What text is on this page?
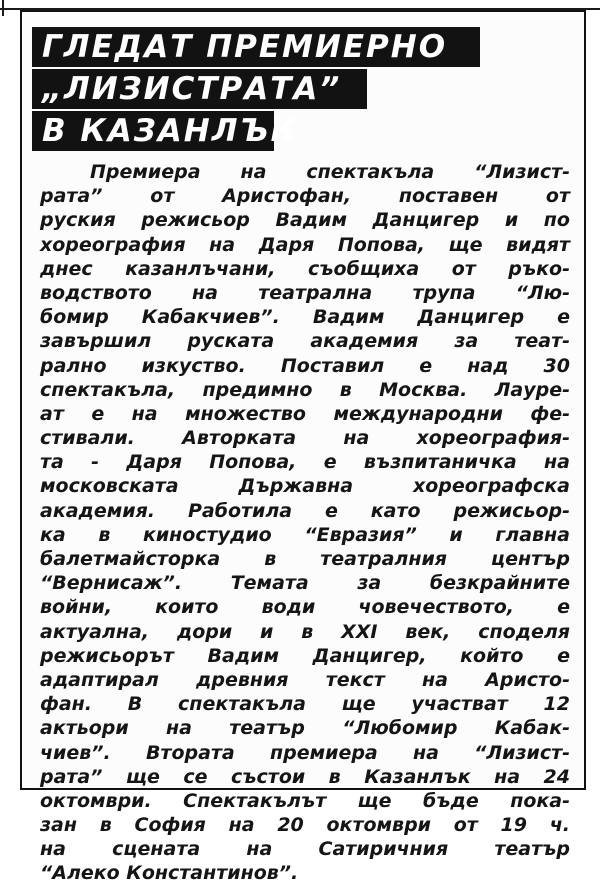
ГЛЕДАТ ПРЕМИЕРНО
„ЛИЗИСТРАТА”
В КАЗАНЛЪК
Премиера на спектакъла “Лизист-
рата” от Аристофан, поставен от
руския режисьор Вадим Данцигер и по
хореография на Даря Попова, ще видят
днес казанлъчани, съобщиха от ръко-
водството на театрална трупа “Лю-
бомир Кабакчиев”. Вадим Данцигер е
завършил руската академия за теат-
рално изкуство. Поставил е над 30
спектакъла, предимно в Москва. Лауре-
ат е на множество международни фе-
стивали. Авторката на хореография-
та - Даря Попова, е възпитаничка на
московската Държавна хореографска
академия. Работила е като режисьор-
ка в киностудио “Евразия” и главна
балетмайсторка в театралния център
“Вернисаж”. Темата за безкрайните
войни, които води човечеството, е
актуална, дори и в XXI век, споделя
режисьорът Вадим Данцигер, който е
адаптирал древния текст на Аристо-
фан. В спектакъла ще участват 12
актьори на театър “Любомир Кабак-
чиев”. Втората премиера на “Лизист-
рата” ще се състои в Казанлък на 24
октомври. Спектакълът ще бъде пока-
зан в София на 20 октомври от 19 ч.
на сцената на Сатиричния театър
“Алеко Константинов”.
